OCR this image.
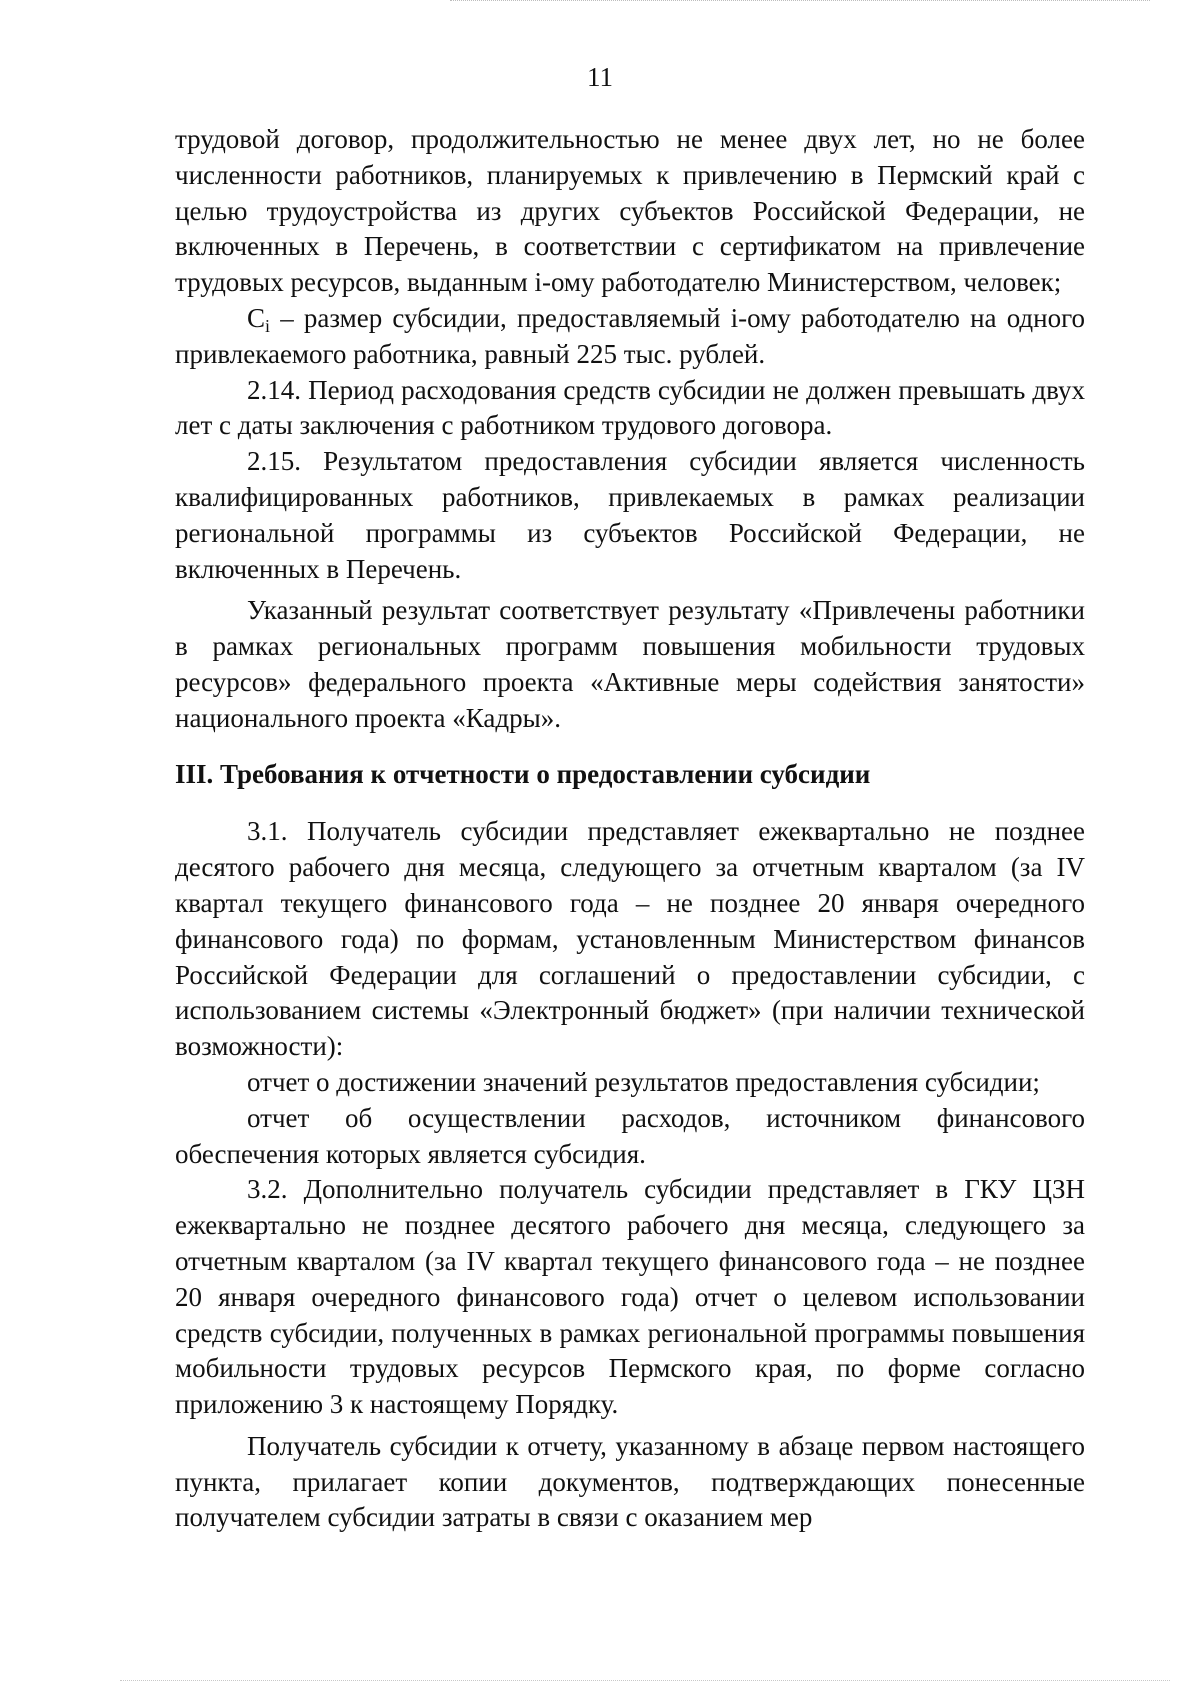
11

трудовой договор, продолжительностью не менее двух лет, но не более численности работников, планируемых к привлечению в Пермский край с целью трудоустройства из других субъектов Российской Федерации, не включенных в Перечень, в соответствии с сертификатом на привлечение трудовых ресурсов, выданным i-ому работодателю Министерством, человек;

$C_i$ – размер субсидии, предоставляемый i-ому работодателю на одного привлекаемого работника, равный 225 тыс. рублей.

2.14. Период расходования средств субсидии не должен превышать двух лет с даты заключения с работником трудового договора.

2.15. Результатом предоставления субсидии является численность квалифицированных работников, привлекаемых в рамках реализации региональной программы из субъектов Российской Федерации, не включенных в Перечень.

Указанный результат соответствует результату «Привлечены работники в рамках региональных программ повышения мобильности трудовых ресурсов» федерального проекта «Активные меры содействия занятости» национального проекта «Кадры».

III. Требования к отчетности о предоставлении субсидии

3.1. Получатель субсидии представляет ежеквартально не позднее десятого рабочего дня месяца, следующего за отчетным кварталом (за IV квартал текущего финансового года – не позднее 20 января очередного финансового года) по формам, установленным Министерством финансов Российской Федерации для соглашений о предоставлении субсидии, с использованием системы «Электронный бюджет» (при наличии технической возможности):

отчет о достижении значений результатов предоставления субсидии;

отчет об осуществлении расходов, источником финансового обеспечения которых является субсидия.

3.2. Дополнительно получатель субсидии представляет в ГКУ ЦЗН ежеквартально не позднее десятого рабочего дня месяца, следующего за отчетным кварталом (за IV квартал текущего финансового года – не позднее 20 января очередного финансового года) отчет о целевом использовании средств субсидии, полученных в рамках региональной программы повышения мобильности трудовых ресурсов Пермского края, по форме согласно приложению 3 к настоящему Порядку.

Получатель субсидии к отчету, указанному в абзаце первом настоящего пункта, прилагает копии документов, подтверждающих понесенные получателем субсидии затраты в связи с оказанием мер
